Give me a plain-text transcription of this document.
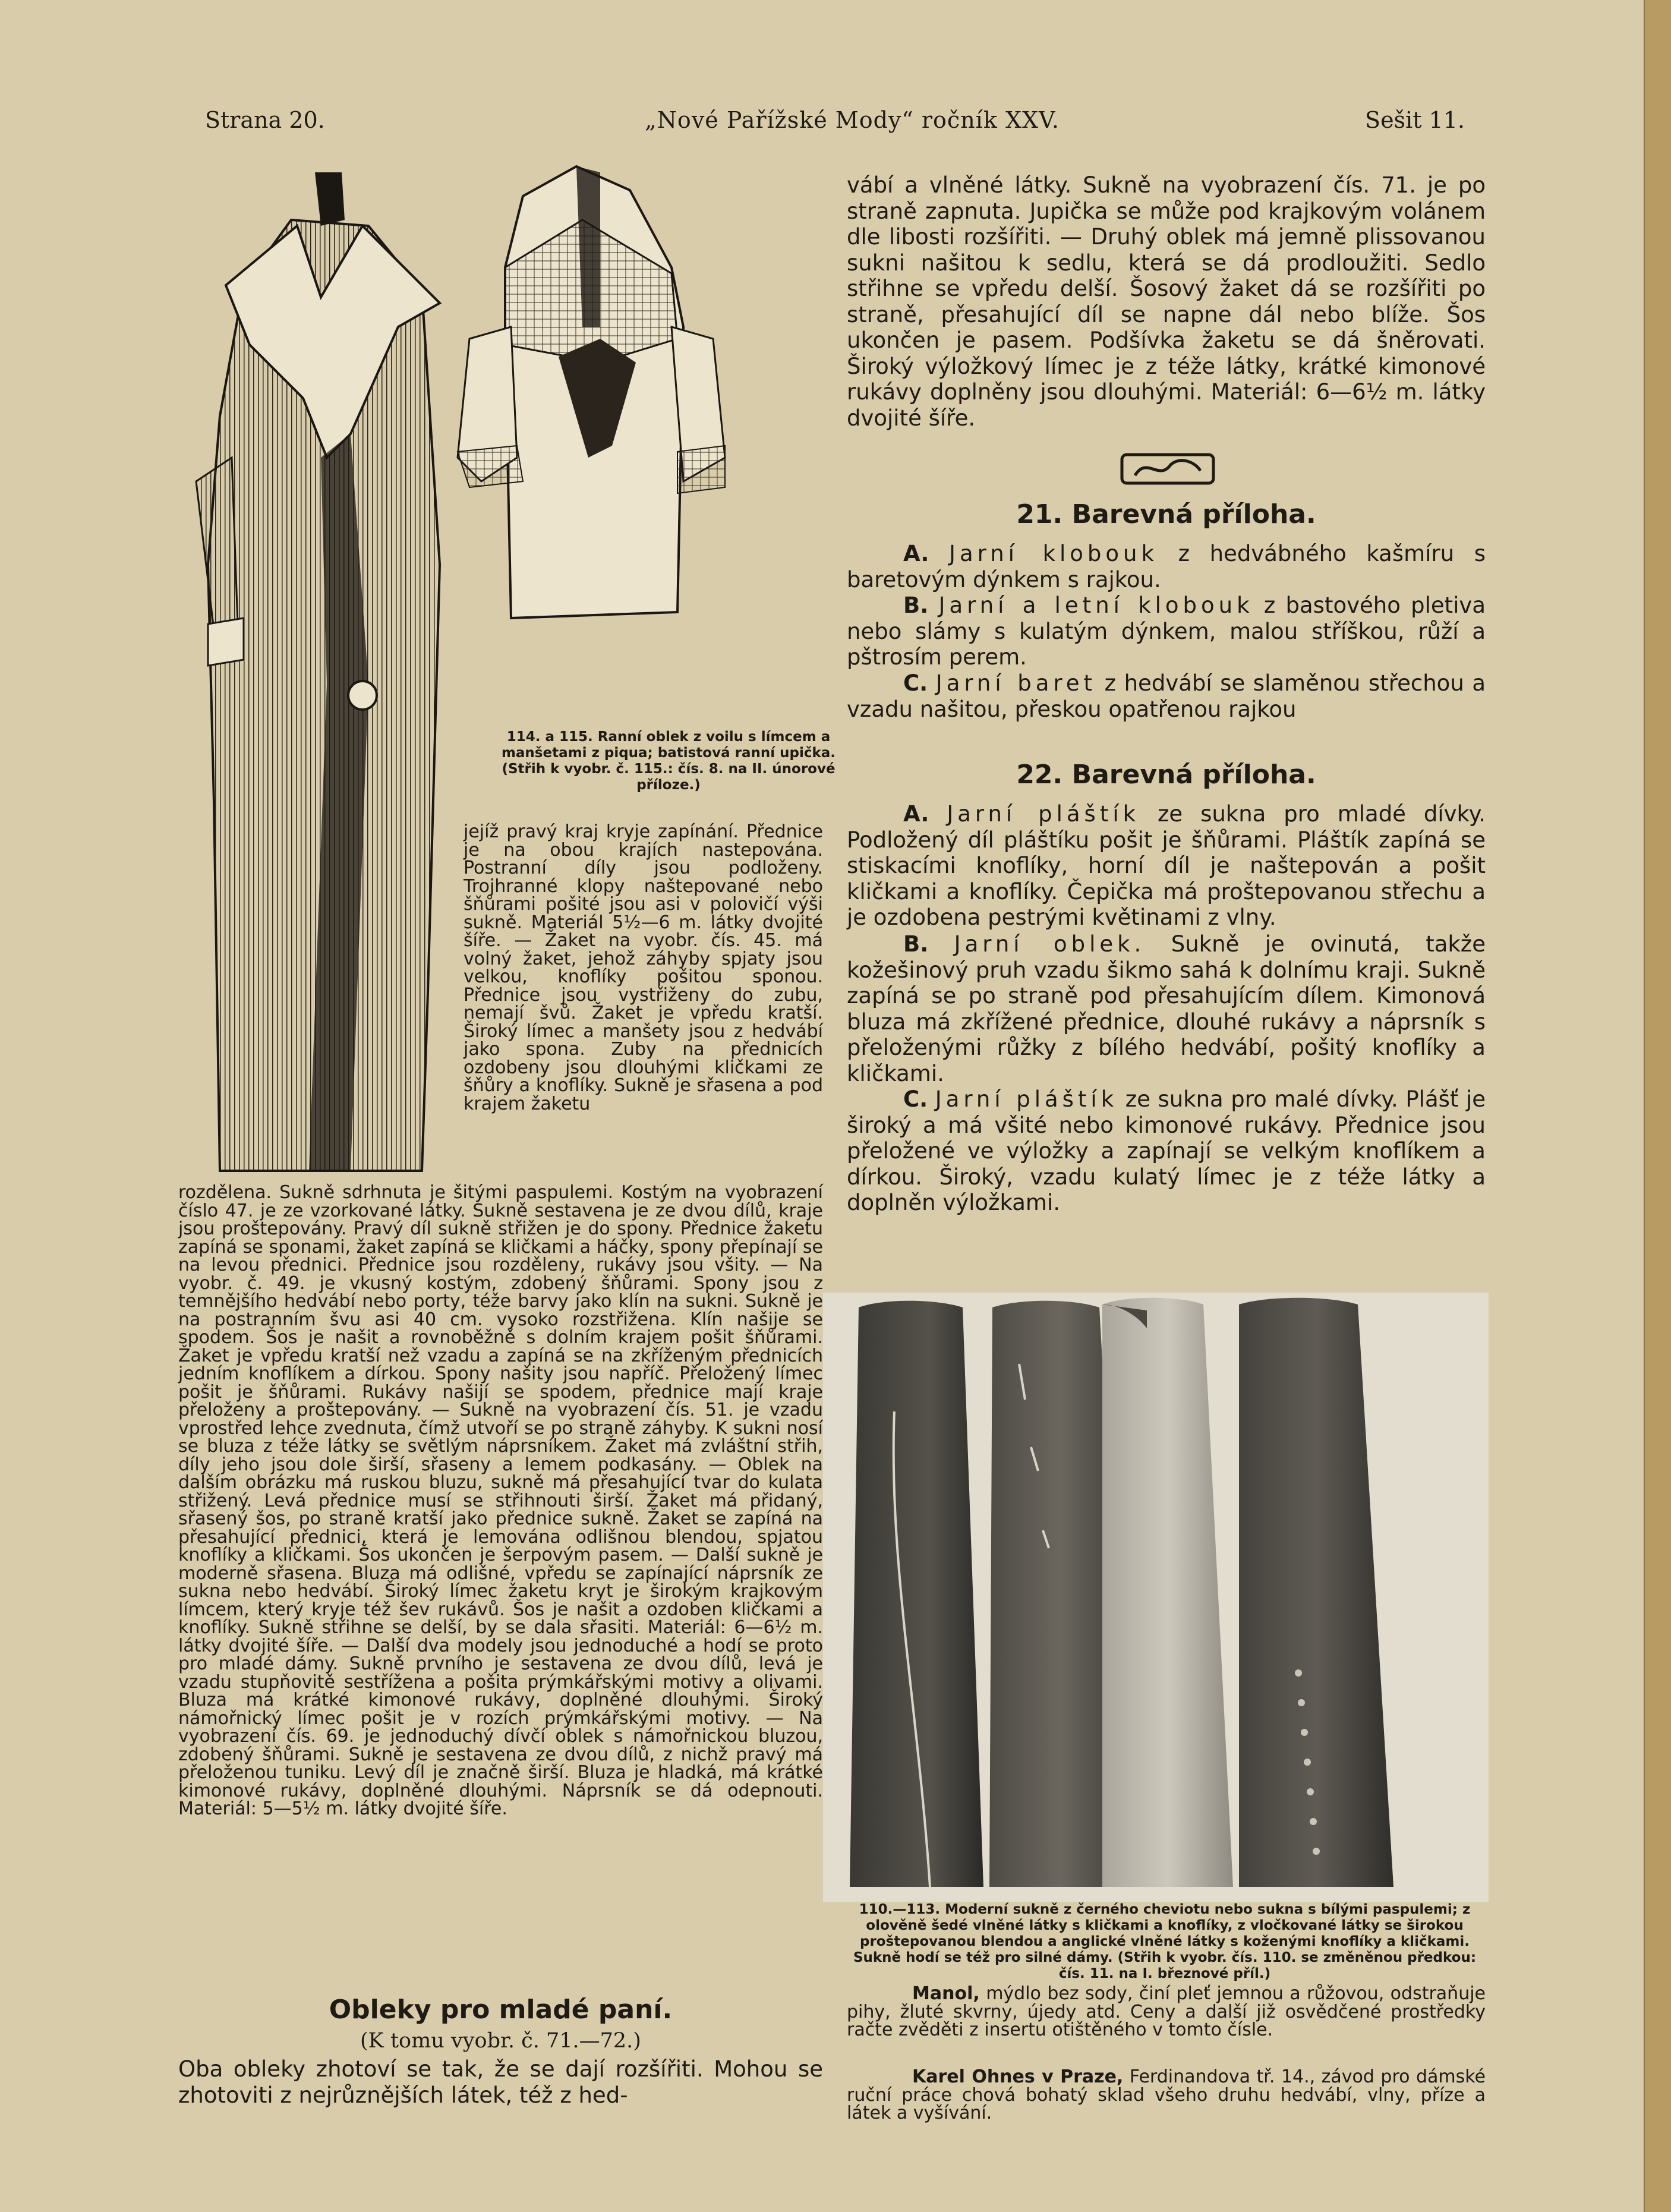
Strana 20.	„Nové Pařížské Mody“ ročník XXV.	Sešit 11.
114. a 115. Ranní oblek z voilu s límcem a manšetami z piqua; batistová ranní upička. (Střih k vyobr. č. 115.: čís. 8. na II. únorové příloze.)

jejíž pravý kraj kryje zapínání. Přednice je na obou krajích nastepována. Postranní díly jsou podloženy. Trojhranné klopy naštepované nebo šňůrami pošité jsou asi v polovičí výši sukně. Materiál 5½—6 m. látky dvojité šíře. — Žaket na vyobr. čís. 45. má volný žaket, jehož záhyby spjaty jsou velkou, knoflíky pošitou sponou. Přednice jsou vystřiženy do zubu, nemají švů. Žaket je vpředu kratší. Široký límec a manšety jsou z hedvábí jako spona. Zuby na přednicích ozdobeny jsou dlouhými kličkami ze šňůry a knoflíky. Sukně je sřasena a pod krajem žaketu

rozdělena. Sukně sdrhnuta je šitými paspulemi. Kostým na vyobrazení číslo 47. je ze vzorkované látky. Sukně sestavena je ze dvou dílů, kraje jsou proštepovány. Pravý díl sukně střižen je do spony. Přednice žaketu zapíná se sponami, žaket zapíná se kličkami a háčky, spony přepínají se na levou přednici. Přednice jsou rozděleny, rukávy jsou všity. — Na vyobr. č. 49. je vkusný kostým, zdobený šňůrami. Spony jsou z temnějšího hedvábí nebo porty, téže barvy jako klín na sukni. Sukně je na postranním švu asi 40 cm. vysoko rozstřižena. Klín našije se spodem. Šos je našit a rovnoběžně s dolním krajem pošit šňůrami. Žaket je vpředu kratší než vzadu a zapíná se na zkříženým přednicích jedním knoflíkem a dírkou. Spony našity jsou napříč. Přeložený límec pošit je šňůrami. Rukávy našijí se spodem, přednice mají kraje přeloženy a proštepovány. — Sukně na vyobrazení čís. 51. je vzadu vprostřed lehce zvednuta, čímž utvoří se po straně záhyby. K sukni nosí se bluza z téže látky se světlým náprsníkem. Žaket má zvláštní střih, díly jeho jsou dole širší, sřaseny a lemem podkasány. — Oblek na dalším obrázku má ruskou bluzu, sukně má přesahující tvar do kulata střižený. Levá přednice musí se střihnouti širší. Žaket má přidaný, sřasený šos, po straně kratší jako přednice sukně. Žaket se zapíná na přesahující přednici, která je lemována odlišnou blendou, spjatou knoflíky a kličkami. Šos ukončen je šerpovým pasem. — Další sukně je moderně sřasena. Bluza má odlišné, vpředu se zapínající náprsník ze sukna nebo hedvábí. Široký límec žaketu kryt je širokým krajkovým límcem, který kryje též šev rukávů. Šos je našit a ozdoben kličkami a knoflíky. Sukně střihne se delší, by se dala sřasiti. Materiál: 6—6½ m. látky dvojité šíře. — Další dva modely jsou jednoduché a hodí se proto pro mladé dámy. Sukně prvního je sestavena ze dvou dílů, levá je vzadu stupňovitě sestřížena a pošita prýmkářskými motivy a olivami. Bluza má krátké kimonové rukávy, doplněné dlouhými. Široký námořnický límec pošit je v rozích prýmkářskými motivy. — Na vyobrazení čís. 69. je jednoduchý dívčí oblek s námořnickou bluzou, zdobený šňůrami. Sukně je sestavena ze dvou dílů, z nichž pravý má přeloženou tuniku. Levý díl je značně širší. Bluza je hladká, má krátké kimonové rukávy, doplněné dlouhými. Náprsník se dá odepnouti. Materiál: 5—5½ m. látky dvojité šíře.

Obleky pro mladé paní.
(K tomu vyobr. č. 71.—72.)

Oba obleky zhotoví se tak, že se dají rozšířiti. Mohou se zhotoviti z nejrůznějších látek, též z hed-

vábí a vlněné látky. Sukně na vyobrazení čís. 71. je po straně zapnuta. Jupička se může pod krajkovým volánem dle libosti rozšířiti. — Druhý oblek má jemně plissovanou sukni našitou k sedlu, která se dá prodloužiti. Sedlo střihne se vpředu delší. Šosový žaket dá se rozšířiti po straně, přesahující díl se napne dál nebo blíže. Šos ukončen je pasem. Podšívka žaketu se dá šněrovati. Široký výložkový límec je z téže látky, krátké kimonové rukávy doplněny jsou dlouhými. Materiál: 6—6½ m. látky dvojité šíře.

21. Barevná příloha.

A. Jarní klobouk z hedvábného kašmíru s baretovým dýnkem s rajkou.

B. Jarní a letní klobouk z bastového pletiva nebo slámy s kulatým dýnkem, malou stříškou, růží a pštrosím perem.

C. Jarní baret z hedvábí se slaměnou střechou a vzadu našitou, přeskou opatřenou rajkou

22. Barevná příloha.

A. Jarní pláštík ze sukna pro mladé dívky. Podložený díl pláštíku pošit je šňůrami. Pláštík zapíná se stiskacími knoflíky, horní díl je naštepován a pošit kličkami a knoflíky. Čepička má proštepovanou střechu a je ozdobena pestrými květinami z vlny.

B. Jarní oblek. Sukně je ovinutá, takže kožešinový pruh vzadu šikmo sahá k dolnímu kraji. Sukně zapíná se po straně pod přesahujícím dílem. Kimonová bluza má zkřížené přednice, dlouhé rukávy a náprsník s přeloženými růžky z bílého hedvábí, pošitý knoflíky a kličkami.

C. Jarní pláštík ze sukna pro malé dívky. Plášť je široký a má všité nebo kimonové rukávy. Přednice jsou přeložené ve výložky a zapínají se velkým knoflíkem a dírkou. Široký, vzadu kulatý límec je z téže látky a doplněn výložkami.

110.—113. Moderní sukně z černého cheviotu nebo sukna s bílými paspulemi; z olověně šedé vlněné látky s kličkami a knoflíky, z vločkované látky se širokou proštepovanou blendou a anglické vlněné látky s koženými knoflíky a kličkami. Sukně hodí se též pro silné dámy. (Střih k vyobr. čís. 110. se změněnou předkou: čís. 11. na I. březnové příl.)

Manol, mýdlo bez sody, činí pleť jemnou a růžovou, odstraňuje pihy, žluté skvrny, újedy atd. Ceny a další již osvědčené prostředky račte zvěděti z insertu otištěného v tomto čísle.

Karel Ohnes v Praze, Ferdinandova tř. 14., závod pro dámské ruční práce chová bohatý sklad všeho druhu hedvábí, vlny, příze a látek a vyšívání.
